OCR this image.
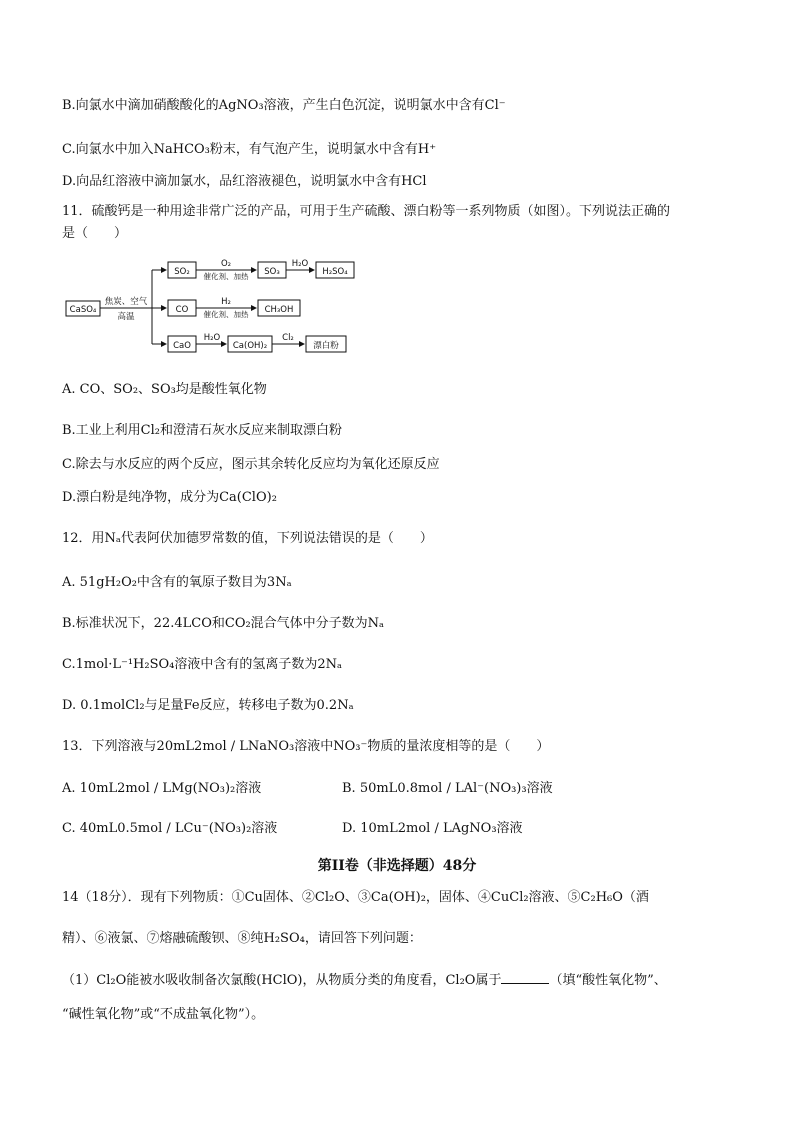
B.向氯水中滴加硝酸酸化的AgNO₃溶液，产生白色沉淀，说明氯水中含有Cl⁻
C.向氯水中加入NaHCO₃粉末，有气泡产生，说明氯水中含有H⁺
D.向品红溶液中滴加氯水，品红溶液褪色，说明氯水中含有HCl
11．硫酸钙是一种用途非常广泛的产品，可用于生产硫酸、漂白粉等一系列物质（如图）。下列说法正确的
是（　　）
CaSO₄
焦炭、空气
高温
SO₂
O₂
催化剂、加热 SO₃
H₂O
H₂SO₄
CO
H₂
催化剂、加热 CH₃OH
CaO
H₂O
Ca(OH)₂
Cl₂
漂白粉
A. CO、SO₂、SO₃均是酸性氧化物
B.工业上利用Cl₂和澄清石灰水反应来制取漂白粉
C.除去与水反应的两个反应，图示其余转化反应均为氧化还原反应
D.漂白粉是纯净物，成分为Ca(ClO)₂
12．用Nₐ代表阿伏加德罗常数的值，下列说法错误的是（　　）
A. 51gH₂O₂中含有的氧原子数目为3Nₐ
B.标准状况下，22.4LCO和CO₂混合气体中分子数为Nₐ
C.1mol·L⁻¹H₂SO₄溶液中含有的氢离子数为2Nₐ
D. 0.1molCl₂与足量Fe反应，转移电子数为0.2Nₐ
13．下列溶液与20mL2mol / LNaNO₃溶液中NO₃⁻物质的量浓度相等的是（　　）
A. 10mL2mol / LMg(NO₃)₂溶液	B. 50mL0.8mol / LAl⁻(NO₃)₃溶液
C. 40mL0.5mol / LCu⁻(NO₃)₂溶液	D. 10mL2mol / LAgNO₃溶液
第II卷（非选择题）48分
14（18分）．现有下列物质：①Cu固体、②Cl₂O、③Ca(OH)₂，固体、④CuCl₂溶液、⑤C₂H₆O（酒
精）、⑥液氯、⑦熔融硫酸钡、⑧纯H₂SO₄，请回答下列问题：
（1）Cl₂O能被水吸收制备次氯酸(HClO)，从物质分类的角度看，Cl₂O属于	（填“酸性氧化物”、
“碱性氧化物”或“不成盐氧化物”）。
